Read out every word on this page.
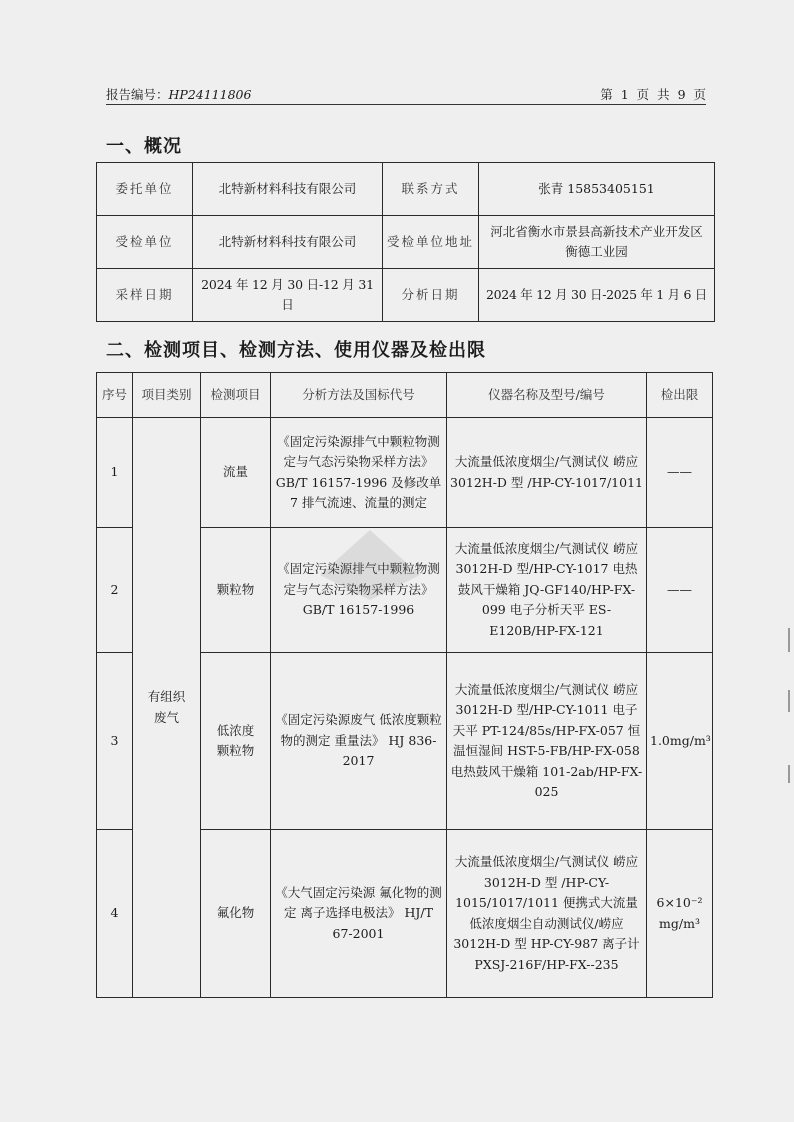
报告编号：HP24111806	第 1 页 共 9 页
一、概况
委托单位	北特新材料科技有限公司	联系方式	张青 15853405151
受检单位	北特新材料科技有限公司	受检单位地址	河北省衡水市景县高新技术产业开发区衡德工业园
采样日期	2024 年 12 月 30 日-12 月 31 日	分析日期	2024 年 12 月 30 日-2025 年 1 月 6 日
二、检测项目、检测方法、使用仪器及检出限
序号	项目类别	检测项目	分析方法及国标代号	仪器名称及型号/编号	检出限
1	有组织废气	流量	《固定污染源排气中颗粒物测定与气态污染物采样方法》 GB/T 16157-1996 及修改单 7 排气流速、流量的测定	大流量低浓度烟尘/气测试仪 崂应 3012H-D 型 /HP-CY-1017/1011	——
2		颗粒物	《固定污染源排气中颗粒物测定与气态污染物采样方法》 GB/T 16157-1996	大流量低浓度烟尘/气测试仪 崂应 3012H-D 型/HP-CY-1017 电热鼓风干燥箱 JQ-GF140/HP-FX-099 电子分析天平 ES-E120B/HP-FX-121	——
3		低浓度颗粒物	《固定污染源废气 低浓度颗粒物的测定 重量法》 HJ 836-2017	大流量低浓度烟尘/气测试仪 崂应 3012H-D 型/HP-CY-1011 电子天平 PT-124/85s/HP-FX-057 恒温恒湿间 HST-5-FB/HP-FX-058 电热鼓风干燥箱 101-2ab/HP-FX-025	1.0mg/m³
4		氟化物	《大气固定污染源 氟化物的测定 离子选择电极法》 HJ/T 67-2001	大流量低浓度烟尘/气测试仪 崂应 3012H-D 型 /HP-CY-1015/1017/1011 便携式大流量低浓度烟尘自动测试仪/崂应 3012H-D 型 HP-CY-987 离子计 PXSJ-216F/HP-FX--235	6×10⁻² mg/m³
